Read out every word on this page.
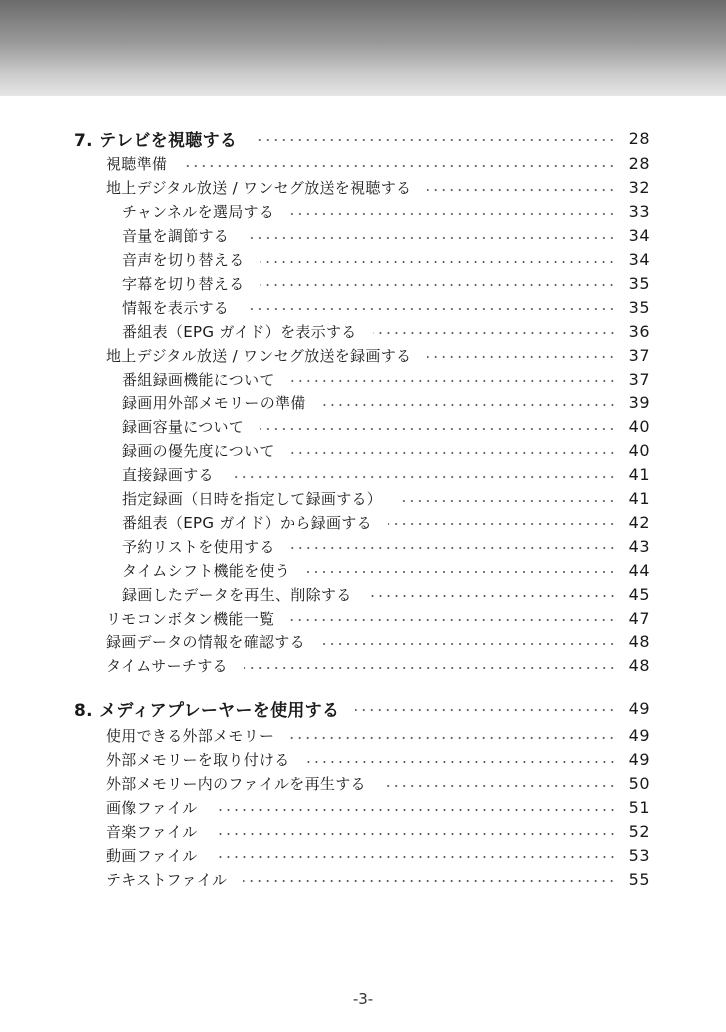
7. テレビを視聴する	28
視聴準備	28
地上デジタル放送 / ワンセグ放送を視聴する	32
チャンネルを選局する	33
音量を調節する	34
音声を切り替える	34
字幕を切り替える	35
情報を表示する	35
番組表（EPG ガイド）を表示する	36
地上デジタル放送 / ワンセグ放送を録画する	37
番組録画機能について	37
録画用外部メモリーの準備	39
録画容量について	40
録画の優先度について	40
直接録画する	41
指定録画（日時を指定して録画する）	41
番組表（EPG ガイド）から録画する	42
予約リストを使用する	43
タイムシフト機能を使う	44
録画したデータを再生、削除する	45
リモコンボタン機能一覧	47
録画データの情報を確認する	48
タイムサーチする	48
8. メディアプレーヤーを使用する	49
使用できる外部メモリー	49
外部メモリーを取り付ける	49
外部メモリー内のファイルを再生する	50
画像ファイル	51
音楽ファイル	52
動画ファイル	53
テキストファイル	55
-3-
